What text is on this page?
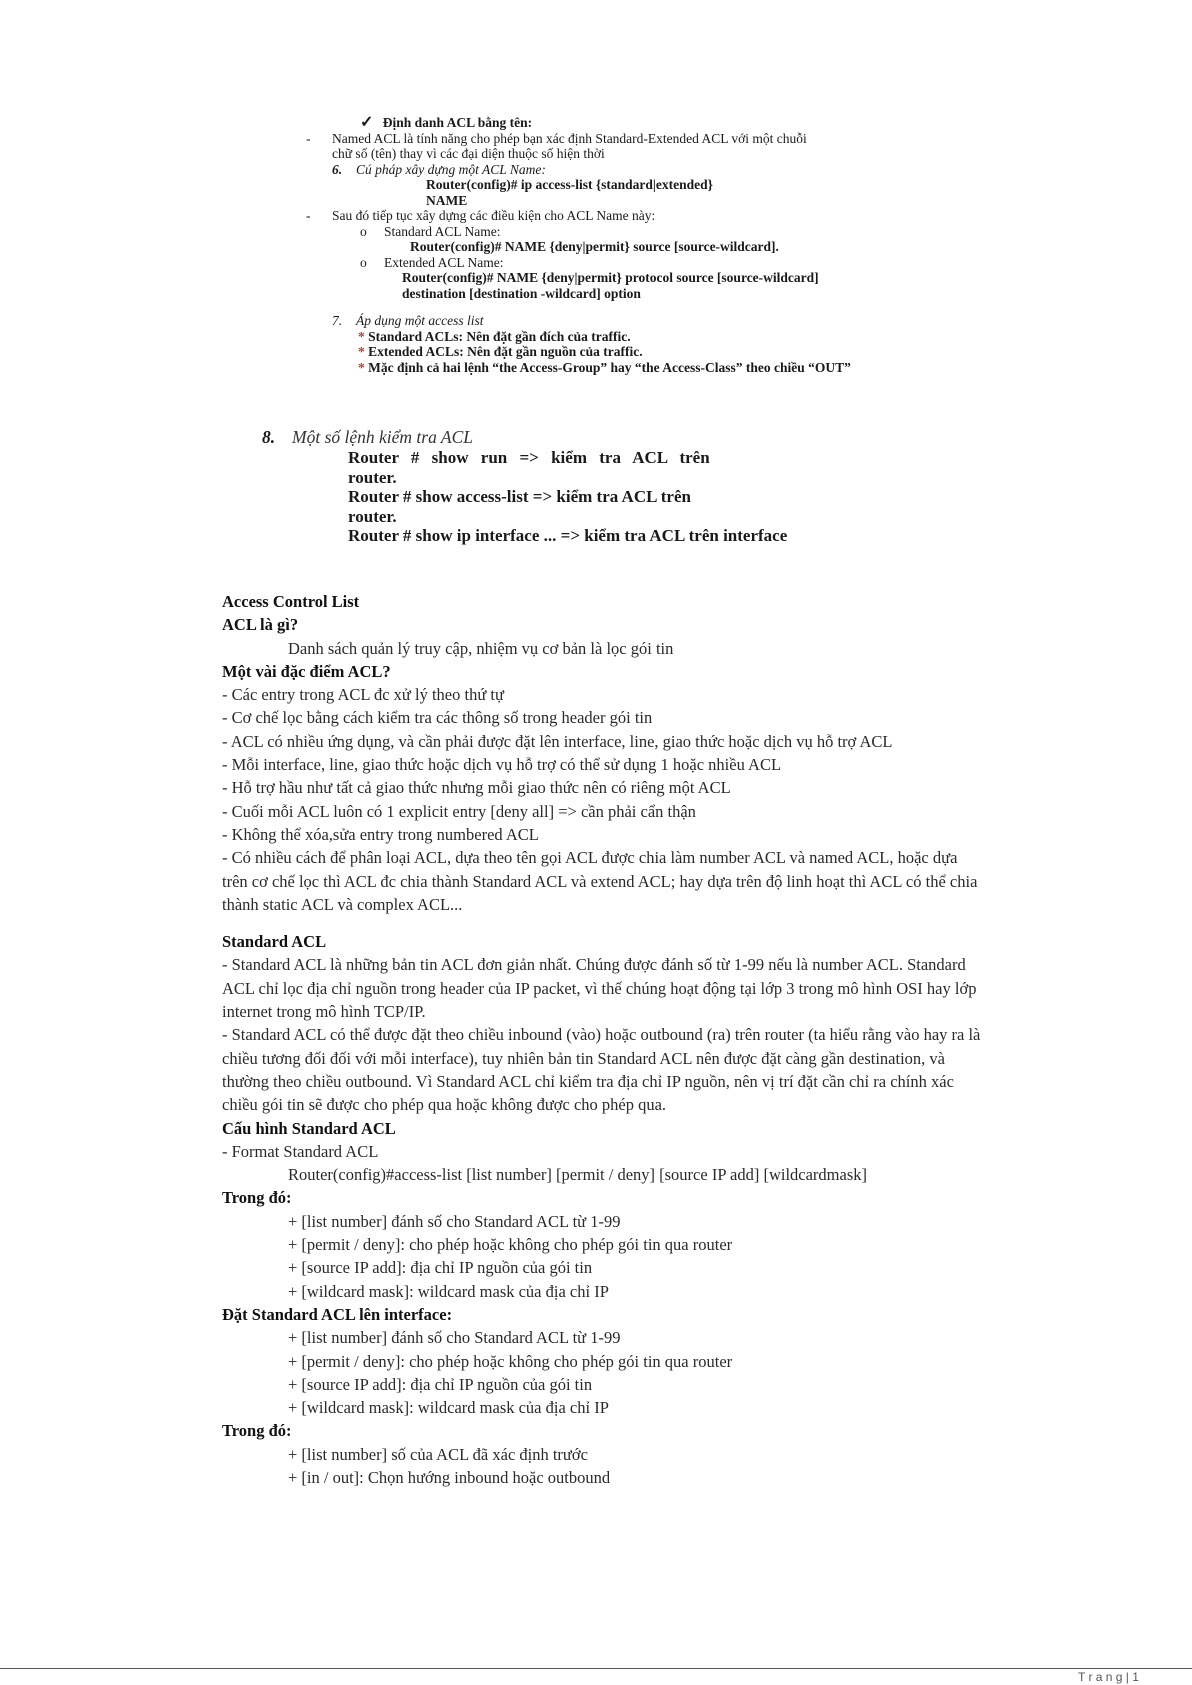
✓ Định danh ACL bằng tên:
- Named ACL là tính năng cho phép bạn xác định Standard-Extended ACL với một chuỗi
chữ số (tên) thay vì các đại diện thuộc số hiện thời
6. Cú pháp xây dựng một ACL Name:
Router(config)# ip access-list {standard|extended}
NAME
- Sau đó tiếp tục xây dựng các điều kiện cho ACL Name này:
o Standard ACL Name:
Router(config)# NAME {deny|permit} source [source-wildcard].
o Extended ACL Name:
Router(config)# NAME {deny|permit} protocol source [source-wildcard]
destination [destination -wildcard] option
7. Áp dụng một access list
* Standard ACLs: Nên đặt gần đích của traffic.
* Extended ACLs: Nên đặt gần nguồn của traffic.
* Mặc định cả hai lệnh “the Access-Group” hay “the Access-Class” theo chiều “OUT”
8. Một số lệnh kiểm tra ACL
Router # show run => kiểm tra ACL trên
router.
Router # show access-list => kiểm tra ACL trên
router.
Router # show ip interface ... => kiểm tra ACL trên interface
Access Control List
ACL là gì?
Danh sách quản lý truy cập, nhiệm vụ cơ bản là lọc gói tin
Một vài đặc điểm ACL?
- Các entry trong ACL đc xử lý theo thứ tự
- Cơ chế lọc bằng cách kiểm tra các thông số trong header gói tin
- ACL có nhiều ứng dụng, và cần phải được đặt lên interface, line, giao thức hoặc dịch vụ hỗ trợ ACL
- Mỗi interface, line, giao thức hoặc dịch vụ hỗ trợ có thể sử dụng 1 hoặc nhiều ACL
- Hỗ trợ hầu như tất cả giao thức nhưng mỗi giao thức nên có riêng một ACL
- Cuối mỗi ACL luôn có 1 explicit entry [deny all] => cần phải cẩn thận
- Không thể xóa,sửa entry trong numbered ACL
- Có nhiều cách để phân loại ACL, dựa theo tên gọi ACL được chia làm number ACL và named ACL, hoặc dựa
trên cơ chế lọc thì ACL đc chia thành Standard ACL và extend ACL; hay dựa trên độ linh hoạt thì ACL có thể chia
thành static ACL và complex ACL...
Standard ACL
- Standard ACL là những bản tin ACL đơn giản nhất. Chúng được đánh số từ 1-99 nếu là number ACL. Standard
ACL chỉ lọc địa chỉ nguồn trong header của IP packet, vì thế chúng hoạt động tại lớp 3 trong mô hình OSI hay lớp
internet trong mô hình TCP/IP.
- Standard ACL có thể được đặt theo chiều inbound (vào) hoặc outbound (ra) trên router (ta hiểu rằng vào hay ra là
chiều tương đối đối với mỗi interface), tuy nhiên bản tin Standard ACL nên được đặt càng gần destination, và
thường theo chiều outbound. Vì Standard ACL chỉ kiểm tra địa chỉ IP nguồn, nên vị trí đặt cần chỉ ra chính xác
chiều gói tin sẽ được cho phép qua hoặc không được cho phép qua.
Cấu hình Standard ACL
- Format Standard ACL
Router(config)#access-list [list number] [permit / deny] [source IP add] [wildcardmask]
Trong đó:
+ [list number] đánh số cho Standard ACL từ 1-99
+ [permit / deny]: cho phép hoặc không cho phép gói tin qua router
+ [source IP add]: địa chỉ IP nguồn của gói tin
+ [wildcard mask]: wildcard mask của địa chỉ IP
Đặt Standard ACL lên interface:
+ [list number] đánh số cho Standard ACL từ 1-99
+ [permit / deny]: cho phép hoặc không cho phép gói tin qua router
+ [source IP add]: địa chỉ IP nguồn của gói tin
+ [wildcard mask]: wildcard mask của địa chỉ IP
Trong đó:
+ [list number] số của ACL đã xác định trước
+ [in / out]: Chọn hướng inbound hoặc outbound
T r a n g | 1
